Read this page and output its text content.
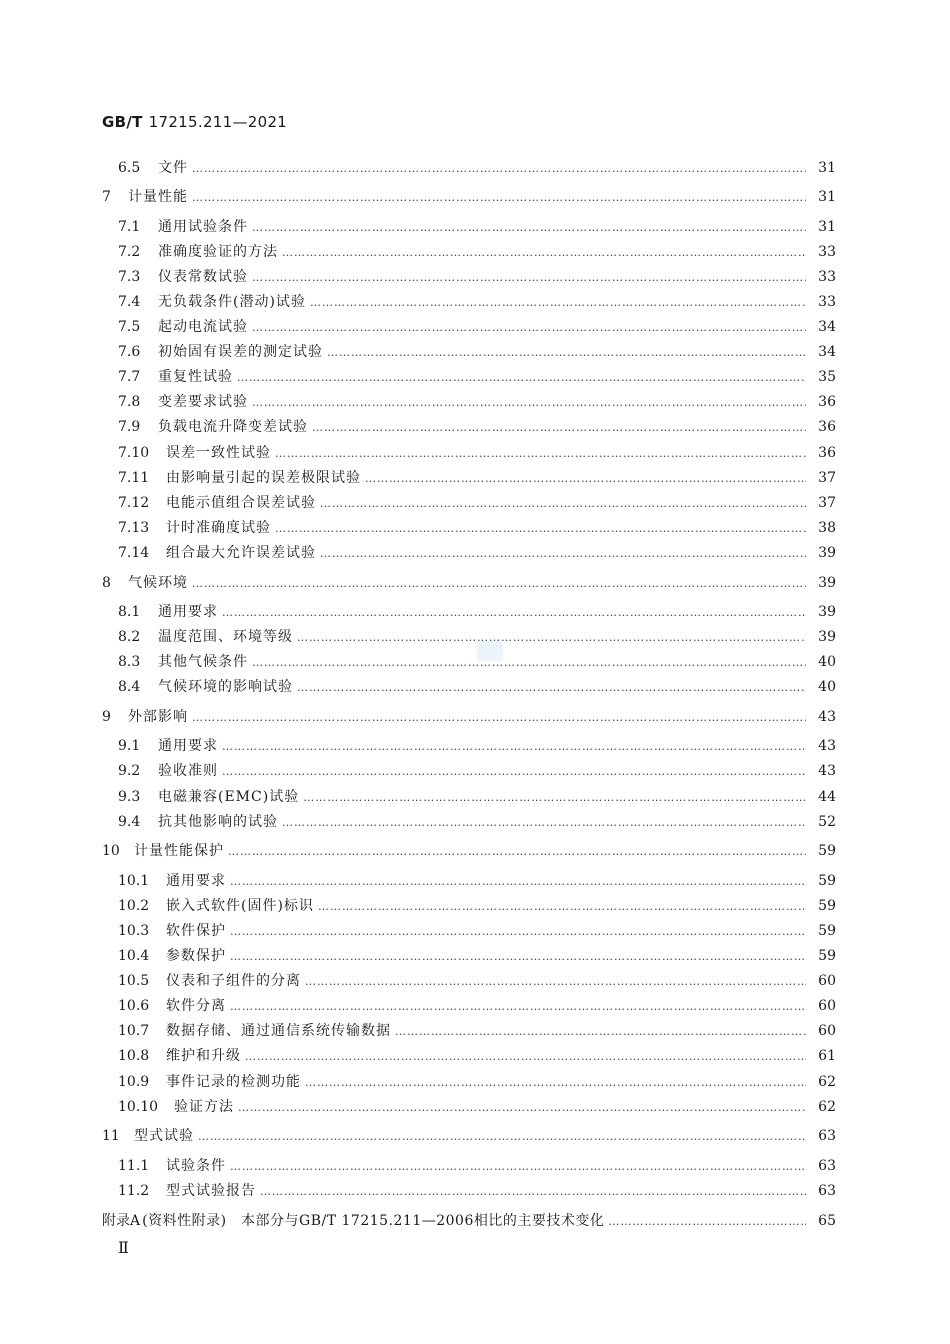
GB/T 17215.211—2021
6.5	文件 …………………………………………………………………………………………………………………………………………………………………………………………	31
7	计量性能 …………………………………………………………………………………………………………………………………………………………………………………………	31
7.1	通用试验条件 …………………………………………………………………………………………………………………………………………………………………………………………	31
7.2	准确度验证的方法 …………………………………………………………………………………………………………………………………………………………………………………………	33
7.3	仪表常数试验 …………………………………………………………………………………………………………………………………………………………………………………………	33
7.4	无负载条件(潜动)试验 …………………………………………………………………………………………………………………………………………………………………………………………	33
7.5	起动电流试验 …………………………………………………………………………………………………………………………………………………………………………………………	34
7.6	初始固有误差的测定试验 …………………………………………………………………………………………………………………………………………………………………………………………	34
7.7	重复性试验 …………………………………………………………………………………………………………………………………………………………………………………………	35
7.8	变差要求试验 …………………………………………………………………………………………………………………………………………………………………………………………	36
7.9	负载电流升降变差试验 …………………………………………………………………………………………………………………………………………………………………………………………	36
7.10	误差一致性试验 …………………………………………………………………………………………………………………………………………………………………………………………	36
7.11	由影响量引起的误差极限试验 …………………………………………………………………………………………………………………………………………………………………………………………	37
7.12	电能示值组合误差试验 …………………………………………………………………………………………………………………………………………………………………………………………	37
7.13	计时准确度试验 …………………………………………………………………………………………………………………………………………………………………………………………	38
7.14	组合最大允许误差试验 …………………………………………………………………………………………………………………………………………………………………………………………	39
8	气候环境 …………………………………………………………………………………………………………………………………………………………………………………………	39
8.1	通用要求 …………………………………………………………………………………………………………………………………………………………………………………………	39
8.2	温度范围、环境等级 …………………………………………………………………………………………………………………………………………………………………………………………	39
8.3	其他气候条件 …………………………………………………………………………………………………………………………………………………………………………………………	40
8.4	气候环境的影响试验 …………………………………………………………………………………………………………………………………………………………………………………………	40
9	外部影响 …………………………………………………………………………………………………………………………………………………………………………………………	43
9.1	通用要求 …………………………………………………………………………………………………………………………………………………………………………………………	43
9.2	验收准则 …………………………………………………………………………………………………………………………………………………………………………………………	43
9.3	电磁兼容(EMC)试验 …………………………………………………………………………………………………………………………………………………………………………………………	44
9.4	抗其他影响的试验 …………………………………………………………………………………………………………………………………………………………………………………………	52
10	计量性能保护 …………………………………………………………………………………………………………………………………………………………………………………………	59
10.1	通用要求 …………………………………………………………………………………………………………………………………………………………………………………………	59
10.2	嵌入式软件(固件)标识 …………………………………………………………………………………………………………………………………………………………………………………………	59
10.3	软件保护 …………………………………………………………………………………………………………………………………………………………………………………………	59
10.4	参数保护 …………………………………………………………………………………………………………………………………………………………………………………………	59
10.5	仪表和子组件的分离 …………………………………………………………………………………………………………………………………………………………………………………………	60
10.6	软件分离 …………………………………………………………………………………………………………………………………………………………………………………………	60
10.7	数据存储、通过通信系统传输数据 …………………………………………………………………………………………………………………………………………………………………………………………	60
10.8	维护和升级 …………………………………………………………………………………………………………………………………………………………………………………………	61
10.9	事件记录的检测功能 …………………………………………………………………………………………………………………………………………………………………………………………	62
10.10	验证方法 …………………………………………………………………………………………………………………………………………………………………………………………	62
11	型式试验 …………………………………………………………………………………………………………………………………………………………………………………………	63
11.1	试验条件 …………………………………………………………………………………………………………………………………………………………………………………………	63
11.2	型式试验报告 …………………………………………………………………………………………………………………………………………………………………………………………	63
附录A (资料性附录)　本部分与GB/T 17215.211—2006相比的主要技术变化 …………………………………………………………………………………………………………………………………………………………………………………………	65
Ⅱ
